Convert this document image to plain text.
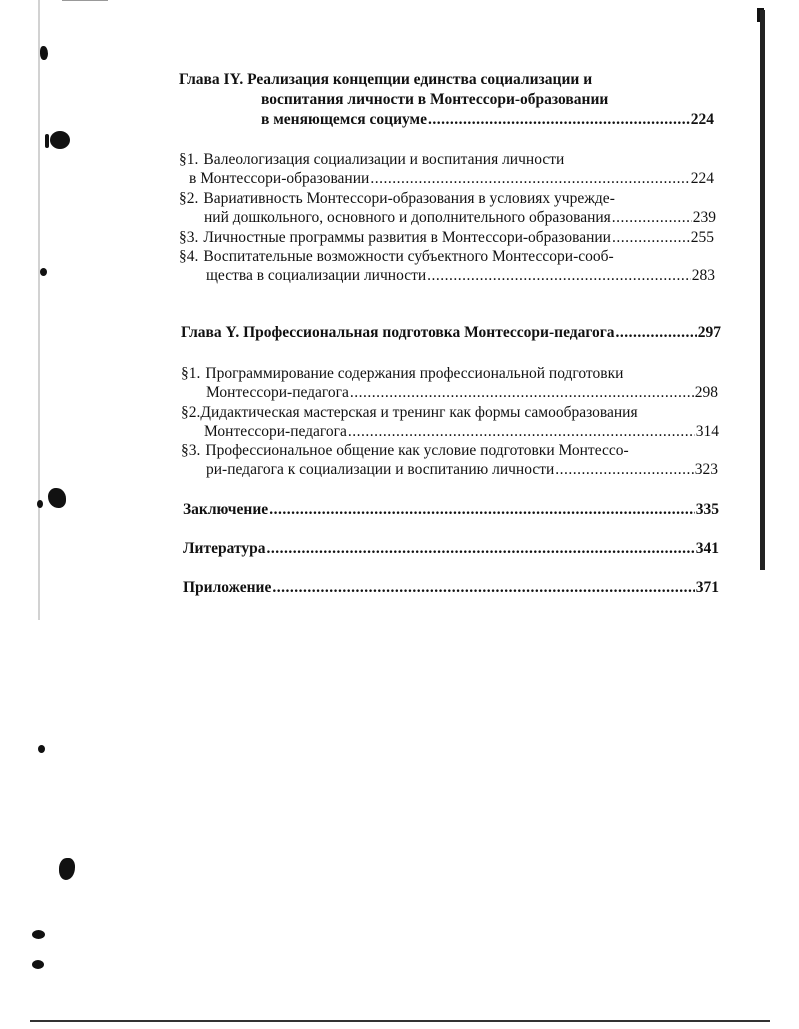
Глава IY. Реализация концепции единства социализации и
воспитания личности в Монтессори-образовании
в меняющемся социуме .....	224
§1. Валеологизация социализации и воспитания личности
в Монтессори-образовании .....	224
§2. Вариативность Монтессори-образования в условиях учрежде-
ний дошкольного, основного и дополнительного образования .....	239
§3. Личностные программы развития в Монтессори-образовании .....	255
§4. Воспитательные возможности субъектного Монтессори-сооб-
щества в социализации личности .....	283
Глава Y. Профессиональная подготовка Монтессори-педагога .....	297
§1. Программирование содержания профессиональной подготовки
Монтессори-педагога .....	298
§2. Дидактическая мастерская и тренинг как формы самообразования
Монтессори-педагога .....	314
§3. Профессиональное общение как условие подготовки Монтессо-
ри-педагога к социализации и воспитанию личности .....	323
Заключение .....	335
Литература .....	341
Приложение .....	371
